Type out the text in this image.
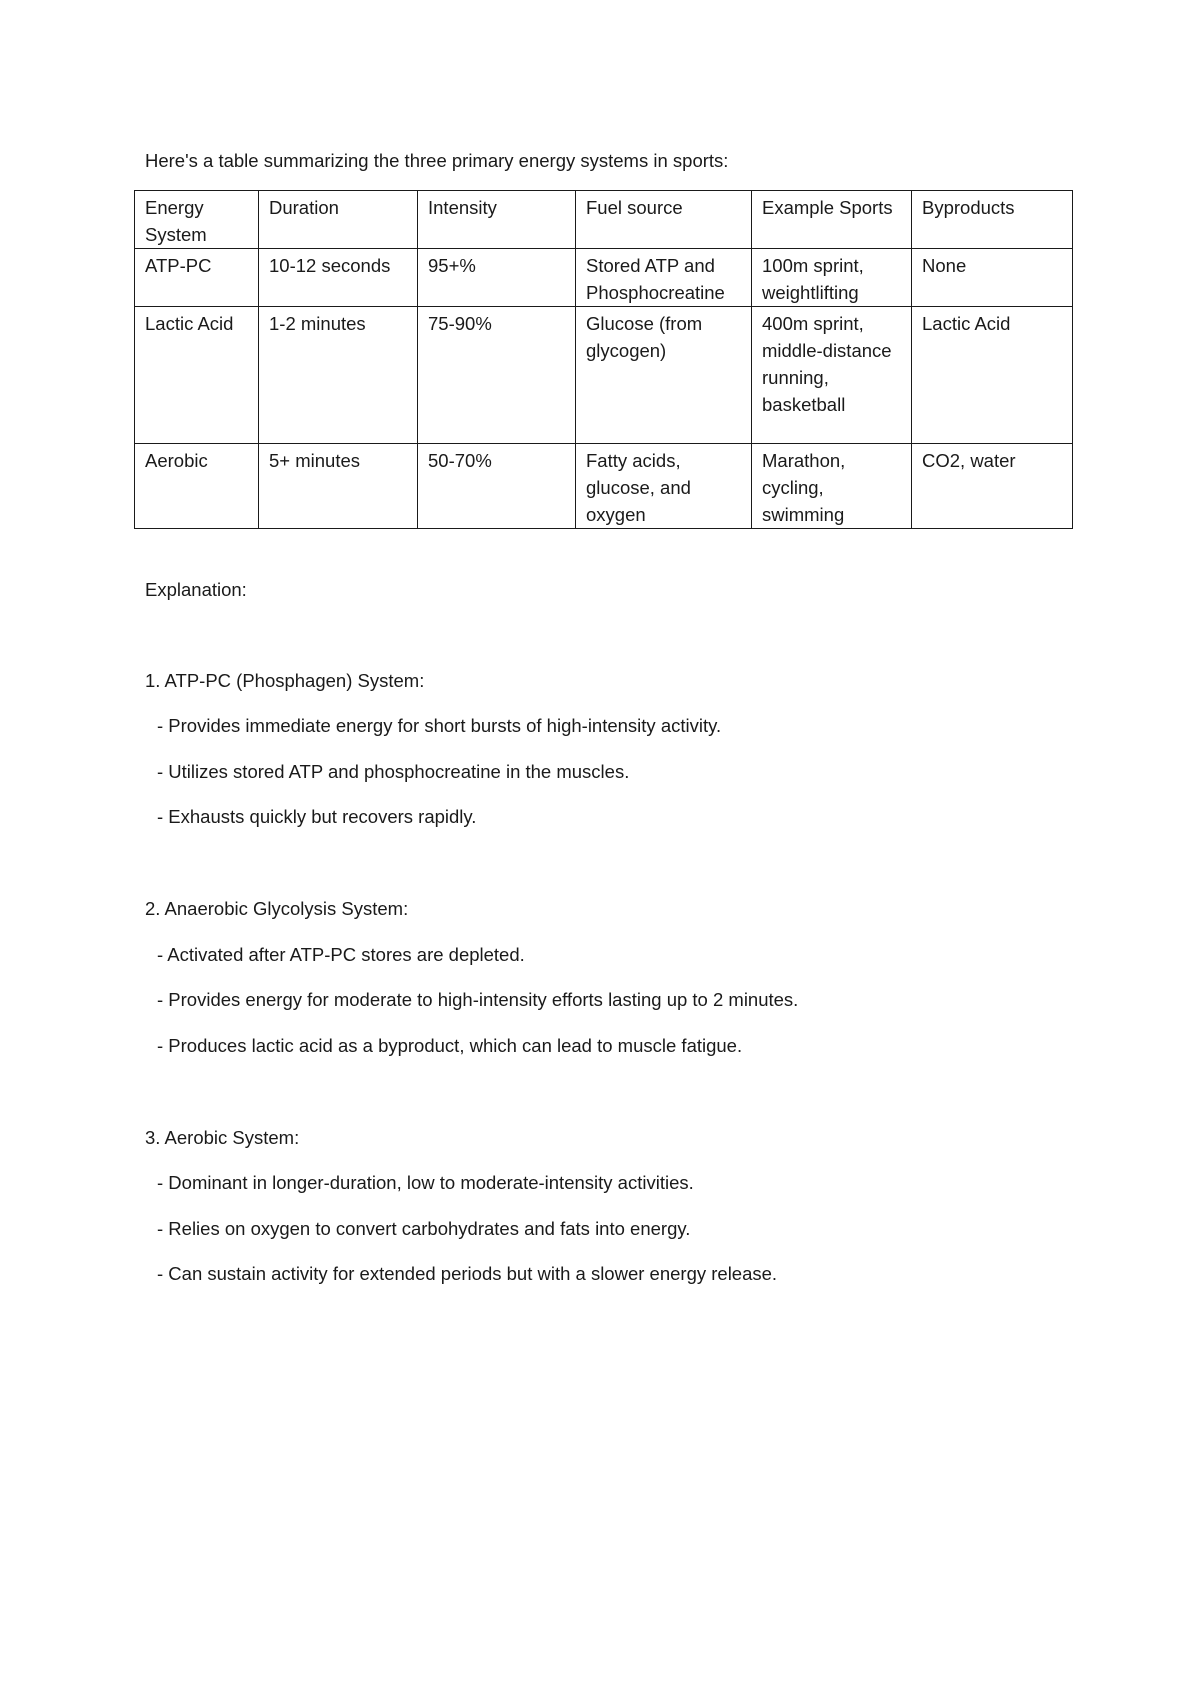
Here's a table summarizing the three primary energy systems in sports:
Energy System	Duration	Intensity	Fuel source	Example Sports	Byproducts
ATP-PC	10-12 seconds	95+%	Stored ATP and Phosphocreatine	100m sprint, weightlifting	None
Lactic Acid	1-2 minutes	75-90%	Glucose (from glycogen)	400m sprint, middle-distance running, basketball	Lactic Acid
Aerobic	5+ minutes	50-70%	Fatty acids, glucose, and oxygen	Marathon, cycling, swimming	CO2, water
Explanation:
1. ATP-PC (Phosphagen) System:
- Provides immediate energy for short bursts of high-intensity activity.
- Utilizes stored ATP and phosphocreatine in the muscles.
- Exhausts quickly but recovers rapidly.
2. Anaerobic Glycolysis System:
- Activated after ATP-PC stores are depleted.
- Provides energy for moderate to high-intensity efforts lasting up to 2 minutes.
- Produces lactic acid as a byproduct, which can lead to muscle fatigue.
3. Aerobic System:
- Dominant in longer-duration, low to moderate-intensity activities.
- Relies on oxygen to convert carbohydrates and fats into energy.
- Can sustain activity for extended periods but with a slower energy release.
